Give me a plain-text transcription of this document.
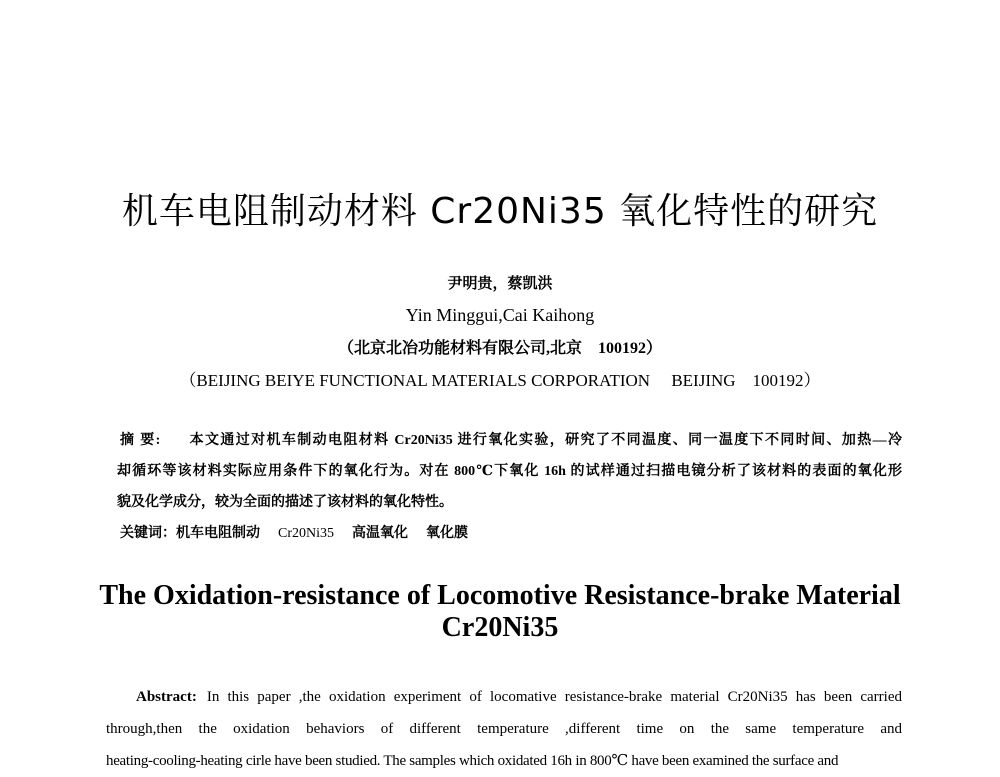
机车电阻制动材料 Cr20Ni35 氧化特性的研究
尹明贵，蔡凯洪
Yin Minggui,Cai Kaihong
（北京北冶功能材料有限公司,北京　100192）
（BEIJING BEIYE FUNCTIONAL MATERIALS CORPORATION　 BEIJING　100192）
摘 要: 本文通过对机车制动电阻材料 Cr20Ni35 进行氧化实验，研究了不同温度、同一温度下不同时间、加热—冷
却循环等该材料实际应用条件下的氧化行为。对在 800℃下氧化 16h 的试样通过扫描电镜分析了该材料的表面的氧化形
貌及化学成分，较为全面的描述了该材料的氧化特性。
关键词：机车电阻制动 Cr20Ni35 高温氧化 氧化膜
The Oxidation-resistance of Locomotive Resistance-brake Material
Cr20Ni35
Abstract: In this paper ,the oxidation experiment of locomative resistance-brake material Cr20Ni35 has been carried
through,then the oxidation behaviors of different temperature ,different time on the same temperature and
heating-cooling-heating cirle have been studied. The samples which oxidated 16h in 800℃ have been examined the surface and
